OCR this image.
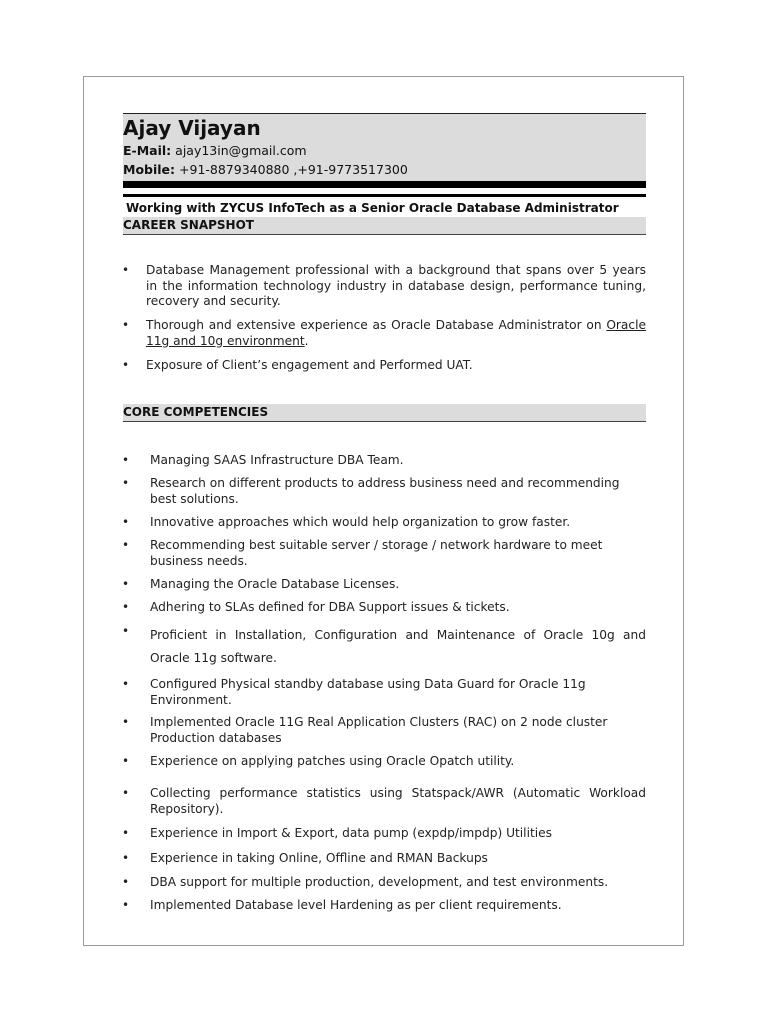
Ajay Vijayan
E-Mail: ajay13in@gmail.com
Mobile: +91-8879340880 ,+91-9773517300
Working with ZYCUS InfoTech as a Senior Oracle Database Administrator
CAREER SNAPSHOT
• Database Management professional with a background that spans over 5 years in the information technology industry in database design, performance tuning, recovery and security.
• Thorough and extensive experience as Oracle Database Administrator on Oracle 11g and 10g environment.
• Exposure of Client’s engagement and Performed UAT.
CORE COMPETENCIES
• Managing SAAS Infrastructure DBA Team.
• Research on different products to address business need and recommending best solutions.
• Innovative approaches which would help organization to grow faster.
• Recommending best suitable server / storage / network hardware to meet business needs.
• Managing the Oracle Database Licenses.
• Adhering to SLAs defined for DBA Support issues & tickets.
• Proficient in Installation, Configuration and Maintenance of Oracle 10g and Oracle 11g software.
• Configured Physical standby database using Data Guard for Oracle 11g Environment.
• Implemented Oracle 11G Real Application Clusters (RAC) on 2 node cluster Production databases
• Experience on applying patches using Oracle Opatch utility.
• Collecting performance statistics using Statspack/AWR (Automatic Workload Repository).
• Experience in Import & Export, data pump (expdp/impdp) Utilities
• Experience in taking Online, Offline and RMAN Backups
• DBA support for multiple production, development, and test environments.
• Implemented Database level Hardening as per client requirements.
